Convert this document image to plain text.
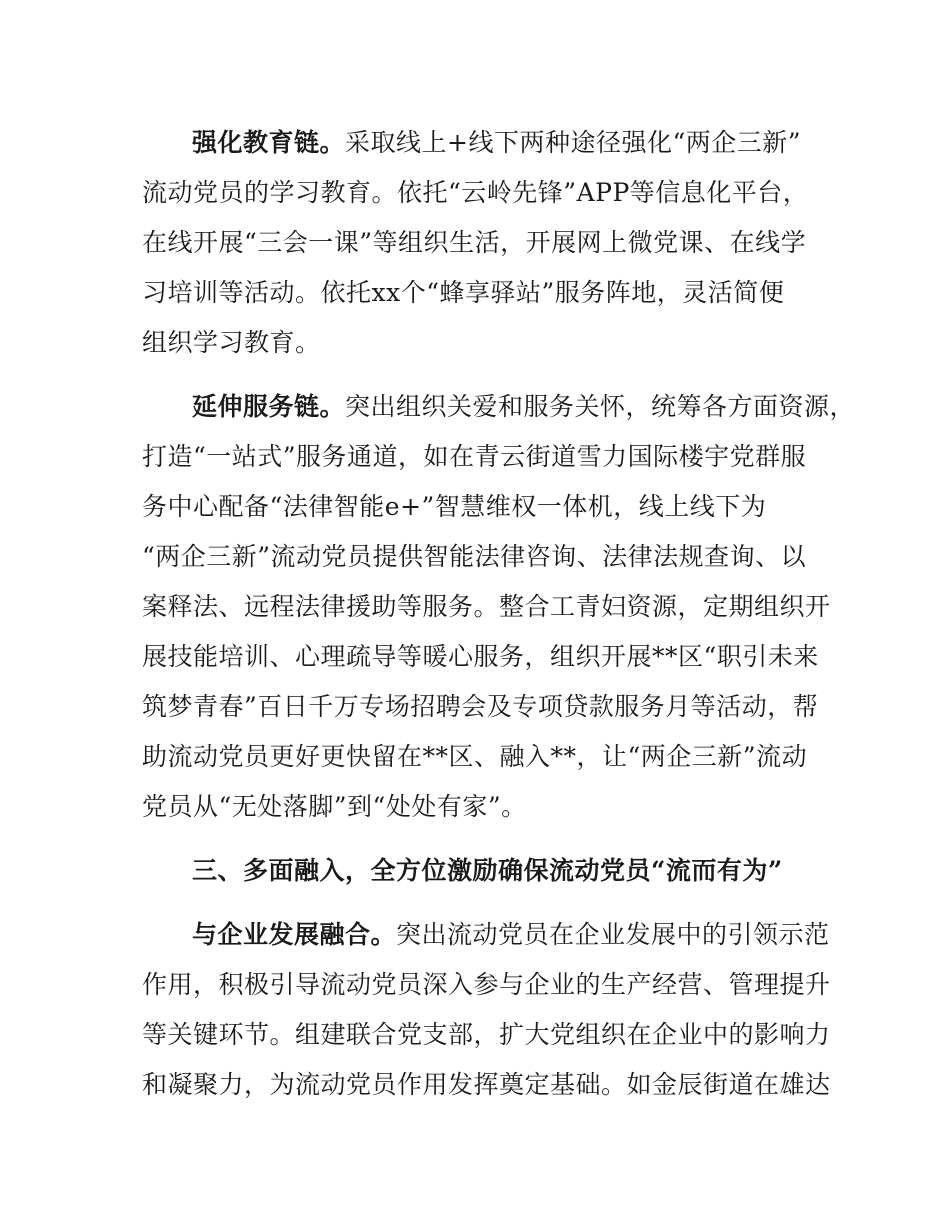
强化教育链。采取线上+线下两种途径强化“两企三新”
流动党员的学习教育。依托“云岭先锋”APP等信息化平台，
在线开展“三会一课”等组织生活，开展网上微党课、在线学
习培训等活动。依托xx个“蜂享驿站”服务阵地，灵活简便
组织学习教育。
延伸服务链。突出组织关爱和服务关怀，统筹各方面资源，
打造“一站式”服务通道，如在青云街道雪力国际楼宇党群服
务中心配备“法律智能e+”智慧维权一体机，线上线下为
“两企三新”流动党员提供智能法律咨询、法律法规查询、以
案释法、远程法律援助等服务。整合工青妇资源，定期组织开
展技能培训、心理疏导等暖心服务，组织开展**区“职引未来
筑梦青春”百日千万专场招聘会及专项贷款服务月等活动，帮
助流动党员更好更快留在**区、融入**，让“两企三新”流动
党员从“无处落脚”到“处处有家”。
三、多面融入，全方位激励确保流动党员“流而有为”
与企业发展融合。突出流动党员在企业发展中的引领示范
作用，积极引导流动党员深入参与企业的生产经营、管理提升
等关键环节。组建联合党支部，扩大党组织在企业中的影响力
和凝聚力，为流动党员作用发挥奠定基础。如金辰街道在雄达
